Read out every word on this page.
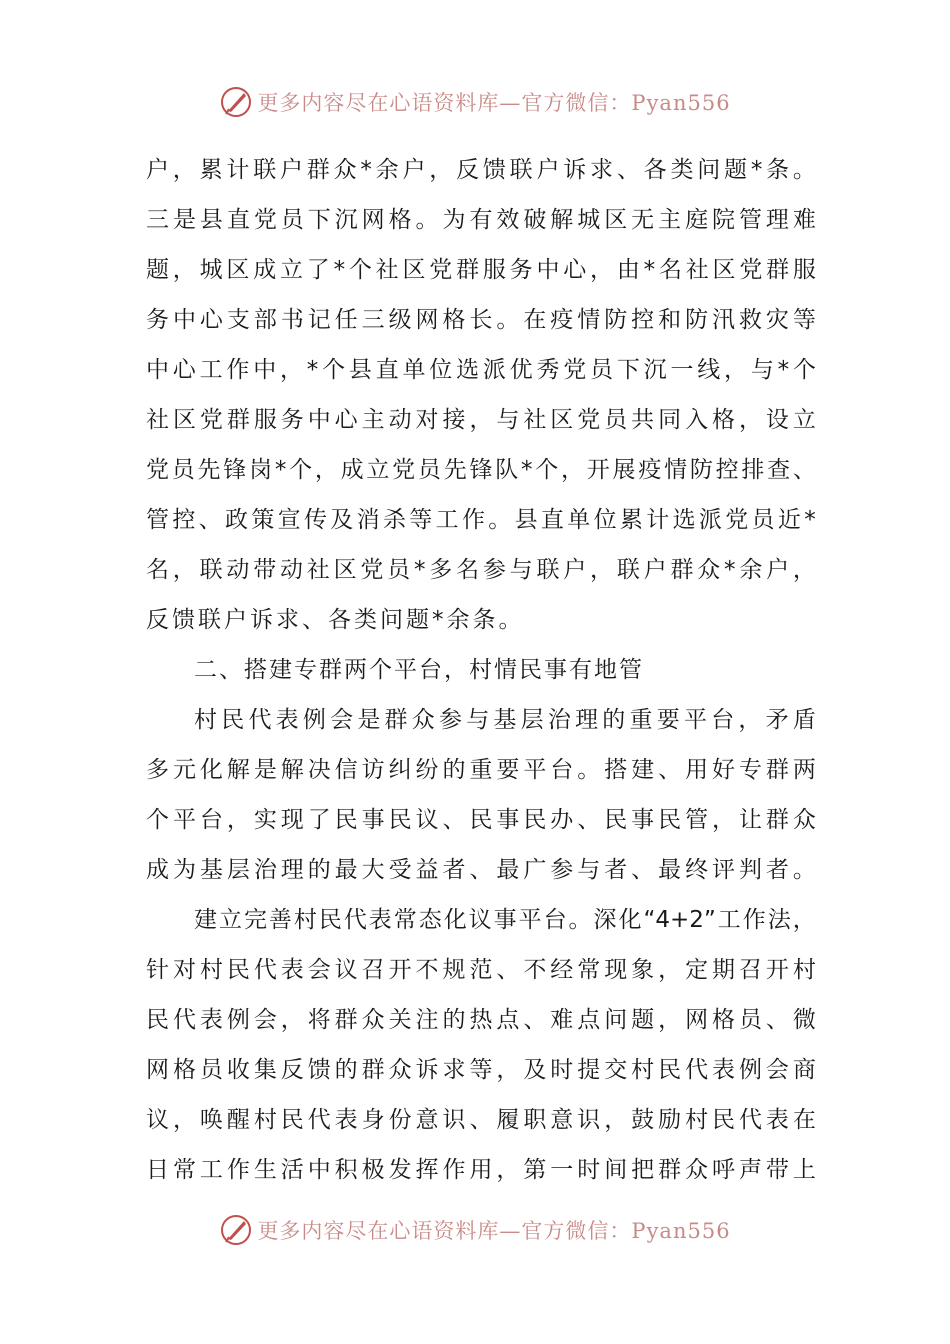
更多内容尽在心语资料库—官方微信：Pyan556
户 ， 累 计 联 户 群 众 * 余 户 ， 反 馈 联 户 诉 求 、 各 类 问 题 * 条 。
三 是 县 直 党 员 下 沉 网 格 。 为 有 效 破 解 城 区 无 主 庭 院 管 理 难
题 ， 城 区 成 立 了 * 个 社 区 党 群 服 务 中 心 ， 由 * 名 社 区 党 群 服
务 中 心 支 部 书 记 任 三 级 网 格 长 。 在 疫 情 防 控 和 防 汛 救 灾 等
中 心 工 作 中 ， * 个 县 直 单 位 选 派 优 秀 党 员 下 沉 一 线 ， 与 * 个
社 区 党 群 服 务 中 心 主 动 对 接 ， 与 社 区 党 员 共 同 入 格 ， 设 立
党 员 先 锋 岗 * 个 ， 成 立 党 员 先 锋 队 * 个 ， 开 展 疫 情 防 控 排 查 、
管 控 、 政 策 宣 传 及 消 杀 等 工 作 。 县 直 单 位 累 计 选 派 党 员 近 *
名 ， 联 动 带 动 社 区 党 员 * 多 名 参 与 联 户 ， 联 户 群 众 * 余 户 ，
反 馈 联 户 诉 求 、 各 类 问 题 * 余 条 。
二 、 搭 建 专 群 两 个 平 台 ， 村 情 民 事 有 地 管
村 民 代 表 例 会 是 群 众 参 与 基 层 治 理 的 重 要 平 台 ， 矛 盾
多 元 化 解 是 解 决 信 访 纠 纷 的 重 要 平 台 。 搭 建 、 用 好 专 群 两
个 平 台 ， 实 现 了 民 事 民 议 、 民 事 民 办 、 民 事 民 管 ， 让 群 众
成 为 基 层 治 理 的 最 大 受 益 者 、 最 广 参 与 者 、 最 终 评 判 者 。
建 立 完 善 村 民 代 表 常 态 化 议 事 平 台 。 深 化 “4+2” 工 作 法 ，
针 对 村 民 代 表 会 议 召 开 不 规 范 、 不 经 常 现 象 ， 定 期 召 开 村
民 代 表 例 会 ， 将 群 众 关 注 的 热 点 、 难 点 问 题 ， 网 格 员 、 微
网 格 员 收 集 反 馈 的 群 众 诉 求 等 ， 及 时 提 交 村 民 代 表 例 会 商
议 ， 唤 醒 村 民 代 表 身 份 意 识 、 履 职 意 识 ， 鼓 励 村 民 代 表 在
日 常 工 作 生 活 中 积 极 发 挥 作 用 ， 第 一 时 间 把 群 众 呼 声 带 上
更多内容尽在心语资料库—官方微信：Pyan556
